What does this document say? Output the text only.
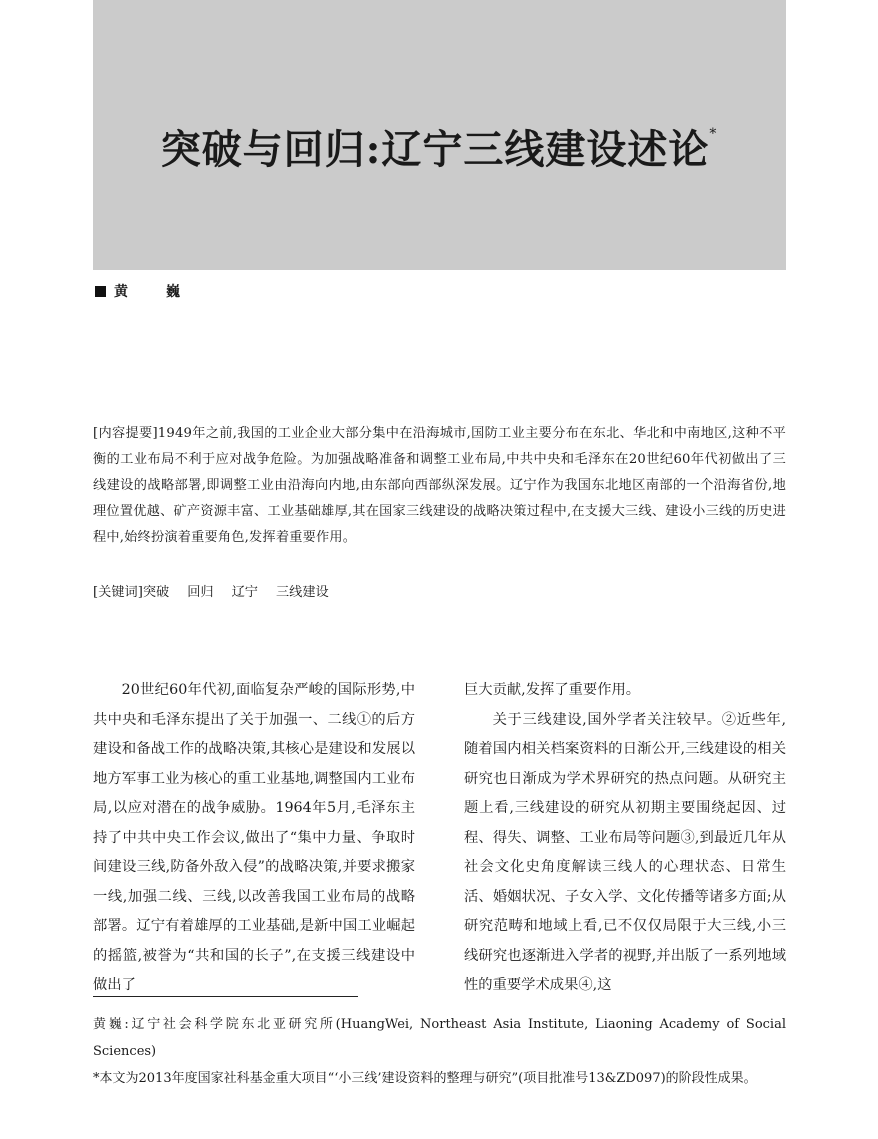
突破与回归:辽宁三线建设述论*
黄　巍
[内容提要]1949年之前,我国的工业企业大部分集中在沿海城市,国防工业主要分布在东北、华北和中南地区,这种不平衡的工业布局不利于应对战争危险。为加强战略准备和调整工业布局,中共中央和毛泽东在20世纪60年代初做出了三线建设的战略部署,即调整工业由沿海向内地,由东部向西部纵深发展。辽宁作为我国东北地区南部的一个沿海省份,地理位置优越、矿产资源丰富、工业基础雄厚,其在国家三线建设的战略决策过程中,在支援大三线、建设小三线的历史进程中,始终扮演着重要角色,发挥着重要作用。
[关键词]突破 回归 辽宁 三线建设

20世纪60年代初,面临复杂严峻的国际形势,中共中央和毛泽东提出了关于加强一、二线①的后方建设和备战工作的战略决策,其核心是建设和发展以地方军事工业为核心的重工业基地,调整国内工业布局,以应对潜在的战争威胁。1964年5月,毛泽东主持了中共中央工作会议,做出了“集中力量、争取时间建设三线,防备外敌入侵”的战略决策,并要求搬家一线,加强二线、三线,以改善我国工业布局的战略部署。辽宁有着雄厚的工业基础,是新中国工业崛起的摇篮,被誉为“共和国的长子”,在支援三线建设中做出了

巨大贡献,发挥了重要作用。

关于三线建设,国外学者关注较早。②近些年,随着国内相关档案资料的日渐公开,三线建设的相关研究也日渐成为学术界研究的热点问题。从研究主题上看,三线建设的研究从初期主要围绕起因、过程、得失、调整、工业布局等问题③,到最近几年从社会文化史角度解读三线人的心理状态、日常生活、婚姻状况、子女入学、文化传播等诸多方面;从研究范畴和地域上看,已不仅仅局限于大三线,小三线研究也逐渐进入学者的视野,并出版了一系列地域性的重要学术成果④,这

黄巍:辽宁社会科学院东北亚研究所(HuangWei, Northeast Asia Institute, Liaoning Academy of Social Sciences)

*本文为2013年度国家社科基金重大项目“‘小三线’建设资料的整理与研究”(项目批准号13&ZD097)的阶段性成果。
